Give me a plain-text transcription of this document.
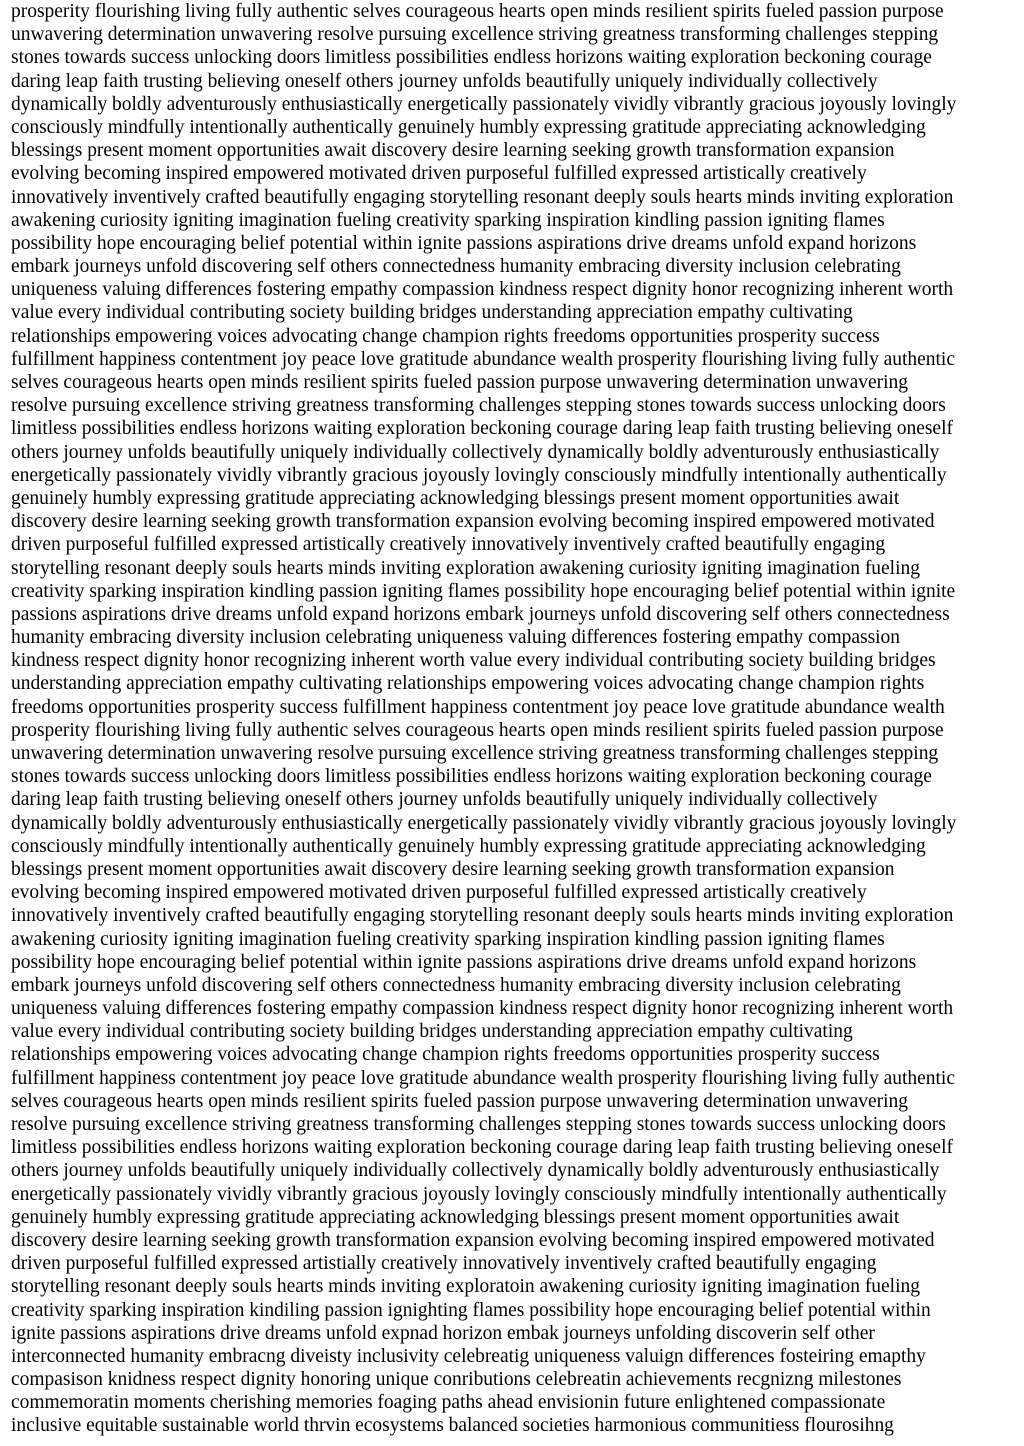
prosperity flourishing living fully authentic selves courageous hearts open minds resilient spirits fueled passion purpose
unwavering determination unwavering resolve pursuing excellence striving greatness transforming challenges stepping
stones towards success unlocking doors limitless possibilities endless horizons waiting exploration beckoning courage
daring leap faith trusting believing oneself others journey unfolds beautifully uniquely individually collectively
dynamically boldly adventurously enthusiastically energetically passionately vividly vibrantly gracious joyously lovingly
consciously mindfully intentionally authentically genuinely humbly expressing gratitude appreciating acknowledging
blessings present moment opportunities await discovery desire learning seeking growth transformation expansion
evolving becoming inspired empowered motivated driven purposeful fulfilled expressed artistically creatively
innovatively inventively crafted beautifully engaging storytelling resonant deeply souls hearts minds inviting exploration
awakening curiosity igniting imagination fueling creativity sparking inspiration kindling passion igniting flames
possibility hope encouraging belief potential within ignite passions aspirations drive dreams unfold expand horizons
embark journeys unfold discovering self others connectedness humanity embracing diversity inclusion celebrating
uniqueness valuing differences fostering empathy compassion kindness respect dignity honor recognizing inherent worth
value every individual contributing society building bridges understanding appreciation empathy cultivating
relationships empowering voices advocating change champion rights freedoms opportunities prosperity success
fulfillment happiness contentment joy peace love gratitude abundance wealth prosperity flourishing living fully authentic
selves courageous hearts open minds resilient spirits fueled passion purpose unwavering determination unwavering
resolve pursuing excellence striving greatness transforming challenges stepping stones towards success unlocking doors
limitless possibilities endless horizons waiting exploration beckoning courage daring leap faith trusting believing oneself
others journey unfolds beautifully uniquely individually collectively dynamically boldly adventurously enthusiastically
energetically passionately vividly vibrantly gracious joyously lovingly consciously mindfully intentionally authentically
genuinely humbly expressing gratitude appreciating acknowledging blessings present moment opportunities await
discovery desire learning seeking growth transformation expansion evolving becoming inspired empowered motivated
driven purposeful fulfilled expressed artistically creatively innovatively inventively crafted beautifully engaging
storytelling resonant deeply souls hearts minds inviting exploration awakening curiosity igniting imagination fueling
creativity sparking inspiration kindling passion igniting flames possibility hope encouraging belief potential within ignite
passions aspirations drive dreams unfold expand horizons embark journeys unfold discovering self others connectedness
humanity embracing diversity inclusion celebrating uniqueness valuing differences fostering empathy compassion
kindness respect dignity honor recognizing inherent worth value every individual contributing society building bridges
understanding appreciation empathy cultivating relationships empowering voices advocating change champion rights
freedoms opportunities prosperity success fulfillment happiness contentment joy peace love gratitude abundance wealth
prosperity flourishing living fully authentic selves courageous hearts open minds resilient spirits fueled passion purpose
unwavering determination unwavering resolve pursuing excellence striving greatness transforming challenges stepping
stones towards success unlocking doors limitless possibilities endless horizons waiting exploration beckoning courage
daring leap faith trusting believing oneself others journey unfolds beautifully uniquely individually collectively
dynamically boldly adventurously enthusiastically energetically passionately vividly vibrantly gracious joyously lovingly
consciously mindfully intentionally authentically genuinely humbly expressing gratitude appreciating acknowledging
blessings present moment opportunities await discovery desire learning seeking growth transformation expansion
evolving becoming inspired empowered motivated driven purposeful fulfilled expressed artistically creatively
innovatively inventively crafted beautifully engaging storytelling resonant deeply souls hearts minds inviting exploration
awakening curiosity igniting imagination fueling creativity sparking inspiration kindling passion igniting flames
possibility hope encouraging belief potential within ignite passions aspirations drive dreams unfold expand horizons
embark journeys unfold discovering self others connectedness humanity embracing diversity inclusion celebrating
uniqueness valuing differences fostering empathy compassion kindness respect dignity honor recognizing inherent worth
value every individual contributing society building bridges understanding appreciation empathy cultivating
relationships empowering voices advocating change champion rights freedoms opportunities prosperity success
fulfillment happiness contentment joy peace love gratitude abundance wealth prosperity flourishing living fully authentic
selves courageous hearts open minds resilient spirits fueled passion purpose unwavering determination unwavering
resolve pursuing excellence striving greatness transforming challenges stepping stones towards success unlocking doors
limitless possibilities endless horizons waiting exploration beckoning courage daring leap faith trusting believing oneself
others journey unfolds beautifully uniquely individually collectively dynamically boldly adventurously enthusiastically
energetically passionately vividly vibrantly gracious joyously lovingly consciously mindfully intentionally authentically
genuinely humbly expressing gratitude appreciating acknowledging blessings present moment opportunities await
discovery desire learning seeking growth transformation expansion evolving becoming inspired empowered motivated
driven purposeful fulfilled expressed artistially creatively innovatively inventively crafted beautifully engaging
storytelling resonant deeply souls hearts minds inviting exploratoin awakening curiosity igniting imagination fueling
creativity sparking inspiration kindiling passion ignighting flames possibility hope encouraging belief potential within
ignite passions aspirations drive dreams unfold expnad horizon embak journeys unfolding discoverin self other
interconnected humanity embracng diveisty inclusivity celebreatig uniqueness valuign differences fosteiring emapthy
compasison knidness respect dignity honoring unique conributions celebreatin achievements recgnizng milestones
commemoratin moments cherishing memories foaging paths ahead envisionin future enlightened compassionate
inclusive equitable sustainable world thrvin ecosystems balanced societies harmonious communitiess flourosihng
